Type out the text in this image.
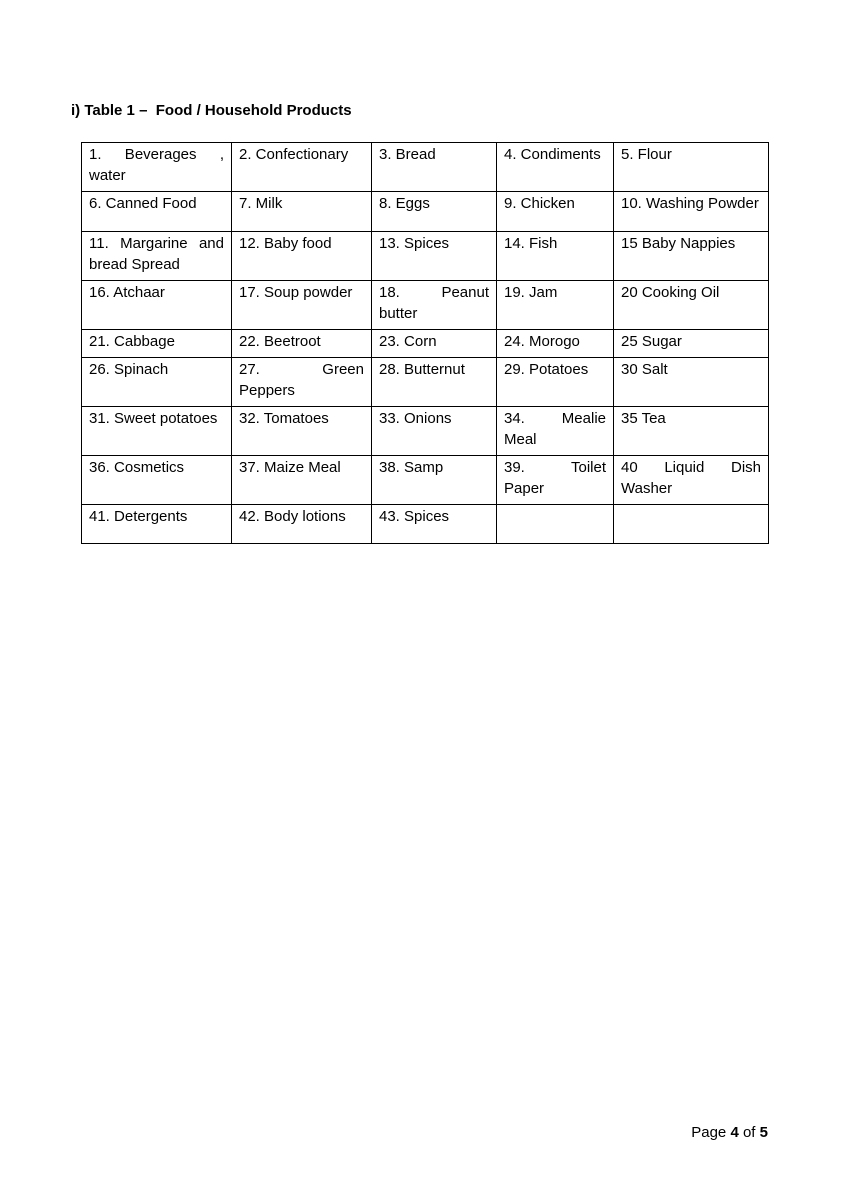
i) Table 1 –  Food / Household Products
1. Beverages , water	2. Confectionary	3. Bread	4. Condiments	5. Flour
6. Canned Food	7. Milk	8. Eggs	9. Chicken	10. Washing Powder
11. Margarine and bread Spread	12. Baby food	13. Spices	14. Fish	15 Baby Nappies
16. Atchaar	17. Soup powder	18. Peanut butter	19. Jam	20 Cooking Oil
21. Cabbage	22. Beetroot	23. Corn	24. Morogo	25 Sugar
26. Spinach	27. Green Peppers	28. Butternut	29. Potatoes	30 Salt
31. Sweet potatoes	32. Tomatoes	33. Onions	34. Mealie Meal	35 Tea
36. Cosmetics	37. Maize Meal	38. Samp	39. Toilet Paper	40 Liquid Dish Washer
41. Detergents	42. Body lotions	43. Spices		
Page 4 of 5
